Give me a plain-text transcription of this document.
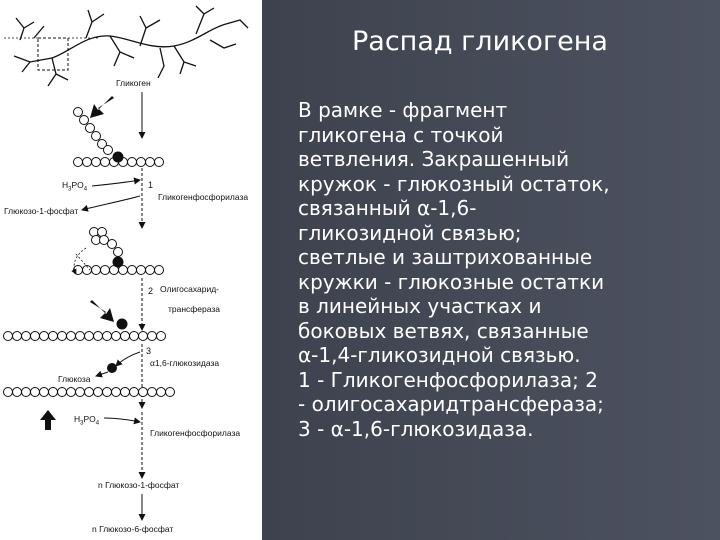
Гликоген
$H_3PO_4$	1
Гликогенфосфорилаза
Глюкозо-1-фосфат
2 Олигосахарид-
трансфераза
3
α1,6-глюкозидаза
Глюкоза
$H_3PO_4$
Гликогенфосфорилаза
n Глюкозо-1-фосфат
n Глюкозо-6-фосфат
Распад гликогена
В рамке - фрагмент
гликогена с точкой
ветвления. Закрашенный
кружок - глюкозный остаток,
связанный α-1,6-
гликозидной связью;
светлые и заштрихованные
кружки - глюкозные остатки
в линейных участках и
боковых ветвях, связанные
α-1,4-гликозидной связью.
1 - Гликогенфосфорилаза; 2
- олигосахаридтрансфераза;
3 - α-1,6-глюкозидаза.
